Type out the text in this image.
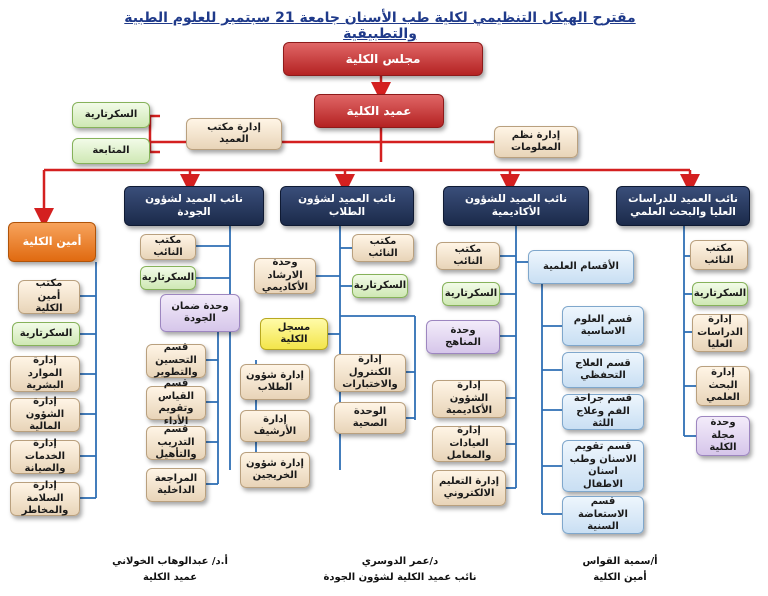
مقترح الهيكل التنظيمي لكلية طب الأسنان جامعة 21 سبتمبر للعلوم الطبية والتطبيقية
مجلس الكلية
عميد الكلية
إدارة مكتب العميد
السكرتارية
المتابعة
إدارة نظم المعلومات
نائب العميد للدراسات العليا والبحث العلمي
نائب العميد للشؤون الأكاديمية
نائب العميد لشؤون الطلاب
نائب العميد لشؤون الجودة
أمين الكلية	مكتب النائب
السكرتارية
إدارة الدراسات العليا
إدارة البحث العلمي
وحدة مجلة الكلية
مكتب النائب
السكرتارية
وحدة المناهج
إدارة الشؤون الأكاديمية
إدارة العيادات والمعامل
إدارة التعليم الالكتروني
الأقسام العلمية
قسم العلوم الاساسية
قسم العلاج التحفظي
قسم جراحة الفم وعلاج اللثة
قسم تقويم الاسنان وطب اسنان الاطفال
قسم الاستعاضة السنية
مكتب النائب
السكرتارية
وحدة الارشاد الأكاديمي
مسجل الكلية
إدارة الكنترول والاختبارات
الوحدة الصحية
إدارة شؤون الطلاب
إدارة الأرشيف
إدارة شؤون الخريجين
مكتب النائب
السكرتارية
وحدة ضمان الجودة
قسم التحسين والتطوير
قسم القياس وتقويم الأداء
قسم التدريب والتأهيل
المراجعة الداخلية
مكتب أمين الكلية
السكرتارية
إدارة الموارد البشرية
إدارة الشؤون المالية
إدارة الخدمات والصيانة
إدارة السلامة والمخاطر
أ.د/ عبدالوهاب الخولاني
عميد الكلية
د/عمر الدوسري
نائب عميد الكلية لشؤون الجودة
أ/سمية القواس
أمين الكلية
